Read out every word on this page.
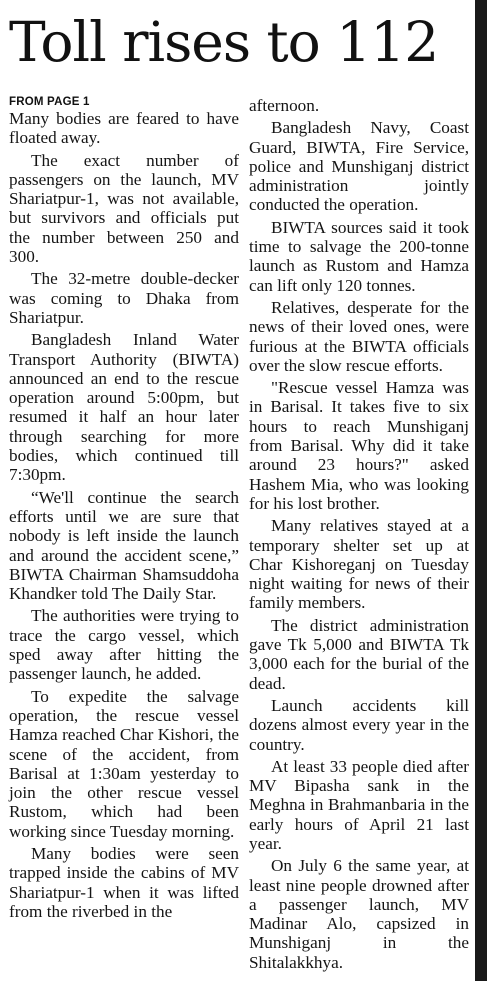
Toll rises to 112
FROM PAGE 1

Many bodies are feared to have floated away.

The exact number of passengers on the launch, MV Shariatpur-1, was not available, but survivors and officials put the number between 250 and 300.

The 32-metre double-decker was coming to Dhaka from Shariatpur.

Bangladesh Inland Water Transport Authority (BIWTA) announced an end to the rescue operation around 5:00pm, but resumed it half an hour later through searching for more bodies, which continued till 7:30pm.

“We'll continue the search efforts until we are sure that nobody is left inside the launch and around the accident scene,” BIWTA Chairman Shamsuddoha Khandker told The Daily Star.

The authorities were trying to trace the cargo vessel, which sped away after hitting the passenger launch, he added.

To expedite the salvage operation, the rescue vessel Hamza reached Char Kishori, the scene of the accident, from Barisal at 1:30am yesterday to join the other rescue vessel Rustom, which had been working since Tuesday morning.

Many bodies were seen trapped inside the cabins of MV Shariatpur-1 when it was lifted from the riverbed in the

afternoon.

Bangladesh Navy, Coast Guard, BIWTA, Fire Service, police and Munshiganj district administration jointly conducted the operation.

BIWTA sources said it took time to salvage the 200-tonne launch as Rustom and Hamza can lift only 120 tonnes.

Relatives, desperate for the news of their loved ones, were furious at the BIWTA officials over the slow rescue efforts.

"Rescue vessel Hamza was in Barisal. It takes five to six hours to reach Munshiganj from Barisal. Why did it take around 23 hours?" asked Hashem Mia, who was looking for his lost brother.

Many relatives stayed at a temporary shelter set up at Char Kishoreganj on Tuesday night waiting for news of their family members.

The district administration gave Tk 5,000 and BIWTA Tk 3,000 each for the burial of the dead.

Launch accidents kill dozens almost every year in the country.

At least 33 people died after MV Bipasha sank in the Meghna in Brahmanbaria in the early hours of April 21 last year.

On July 6 the same year, at least nine people drowned after a passenger launch, MV Madinar Alo, capsized in Munshiganj in the Shitalakkhya.
